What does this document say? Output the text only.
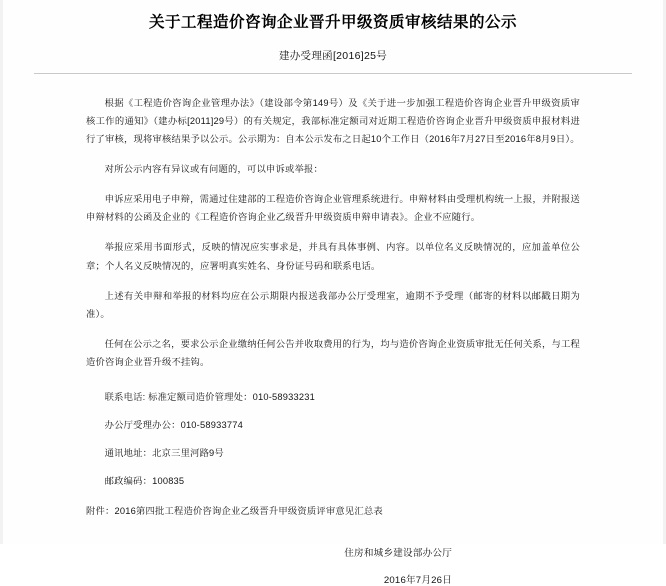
关于工程造价咨询企业晋升甲级资质审核结果的公示
建办受理函[2016]25号
根据《工程造价咨询企业管理办法》（建设部令第149号）及《关于进一步加强工程造价咨询企业晋升甲级资质审核工作的通知》（建办标[2011]29号）的有关规定，我部标准定额司对近期工程造价咨询企业晋升甲级资质申报材料进行了审核，现将审核结果予以公示。公示期为：自本公示发布之日起10个工作日（2016年7月27日至2016年8月9日）。
对所公示内容有异议或有问题的，可以申诉或举报：
申诉应采用电子申辩，需通过住建部的工程造价咨询企业管理系统进行。申辩材料由受理机构统一上报，并附报送申辩材料的公函及企业的《工程造价咨询企业乙级晋升甲级资质申辩申请表》。企业不应随行。
举报应采用书面形式，反映的情况应实事求是，并具有具体事例、内容。以单位名义反映情况的，应加盖单位公章；个人名义反映情况的，应署明真实姓名、身份证号码和联系电话。
上述有关申辩和举报的材料均应在公示期限内报送我部办公厅受理室，逾期不予受理（邮寄的材料以邮戳日期为准）。
任何在公示之名，要求公示企业缴纳任何公告并收取费用的行为，均与造价咨询企业资质审批无任何关系，与工程造价咨询企业晋升级不挂钩。
联系电话: 标准定额司造价管理处：010-58933231
办公厅受理办公：010-58933774
通讯地址：北京三里河路9号
邮政编码：100835
附件：2016第四批工程造价咨询企业乙级晋升甲级资质评审意见汇总表
住房和城乡建设部办公厅
2016年7月26日
